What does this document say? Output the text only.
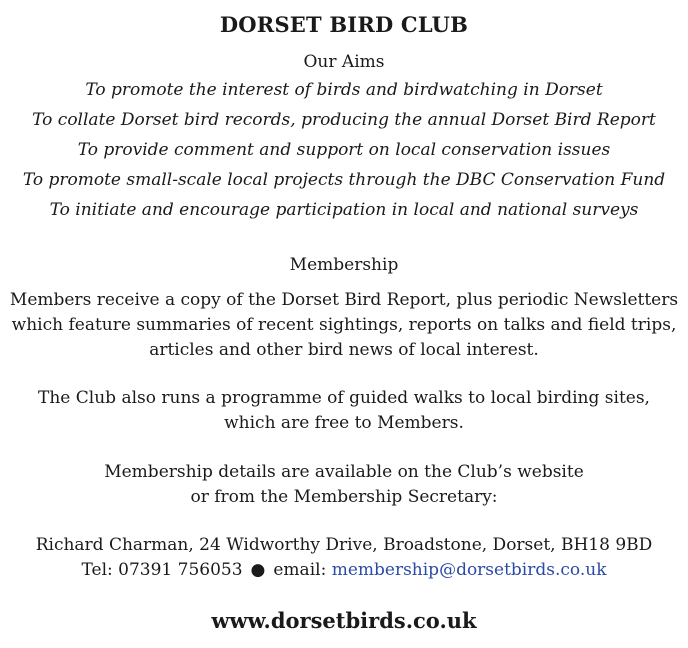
DORSET BIRD CLUB
Our Aims
To promote the interest of birds and birdwatching in Dorset
To collate Dorset bird records, producing the annual Dorset Bird Report
To provide comment and support on local conservation issues
To promote small-scale local projects through the DBC Conservation Fund
To initiate and encourage participation in local and national surveys
Membership

Members receive a copy of the Dorset Bird Report, plus periodic Newsletters
which feature summaries of recent sightings, reports on talks and field trips,
articles and other bird news of local interest.

The Club also runs a programme of guided walks to local birding sites,
which are free to Members.

Membership details are available on the Club’s website
or from the Membership Secretary:

Richard Charman, 24 Widworthy Drive, Broadstone, Dorset, BH18 9BD
Tel: 07391 756053 ● email: membership@dorsetbirds.co.uk

www.dorsetbirds.co.uk
